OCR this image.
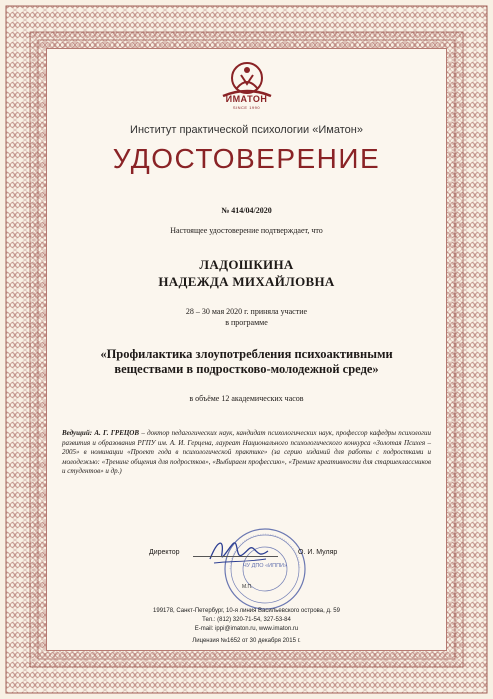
ИМАТОН
SINCE 1990
Институт практической психологии «Иматон»
УДОСТОВЕРЕНИЕ
№ 414/04/2020
Настоящее удостоверение подтверждает, что
ЛАДОШКИНА
НАДЕЖДА МИХАЙЛОВНА
28 – 30 мая 2020 г. приняла участие
в программе
«Профилактика злоупотребления психоактивными
веществами в подростково-молодежной среде»
в объёме 12 академических часов
Ведущий: А. Г. ГРЕЦОВ – доктор педагогических наук, кандидат психологических наук, профессор кафедры психологии развития и образования РГПУ им. А. И. Герцена, лауреат Национального психологического конкурса «Золотая Психея – 2005» в номинации «Проект года в психологической практике» (за серию изданий для работы с подростками и молодежью: «Тренинг общения для подростков», «Выбираем профессию», «Тренинг креативности для старшеклассников и студентов» и др.)
ЧУ ДПО «ИППИ»
Директор	О. И. Муляр
М.П.
199178, Санкт-Петербург, 10-я линия Васильевского острова, д. 59
Тел.: (812) 320-71-54, 327-53-84
E-mail: ippi@imaton.ru, www.imaton.ru
Лицензия №1652 от 30 декабря 2015 г.
